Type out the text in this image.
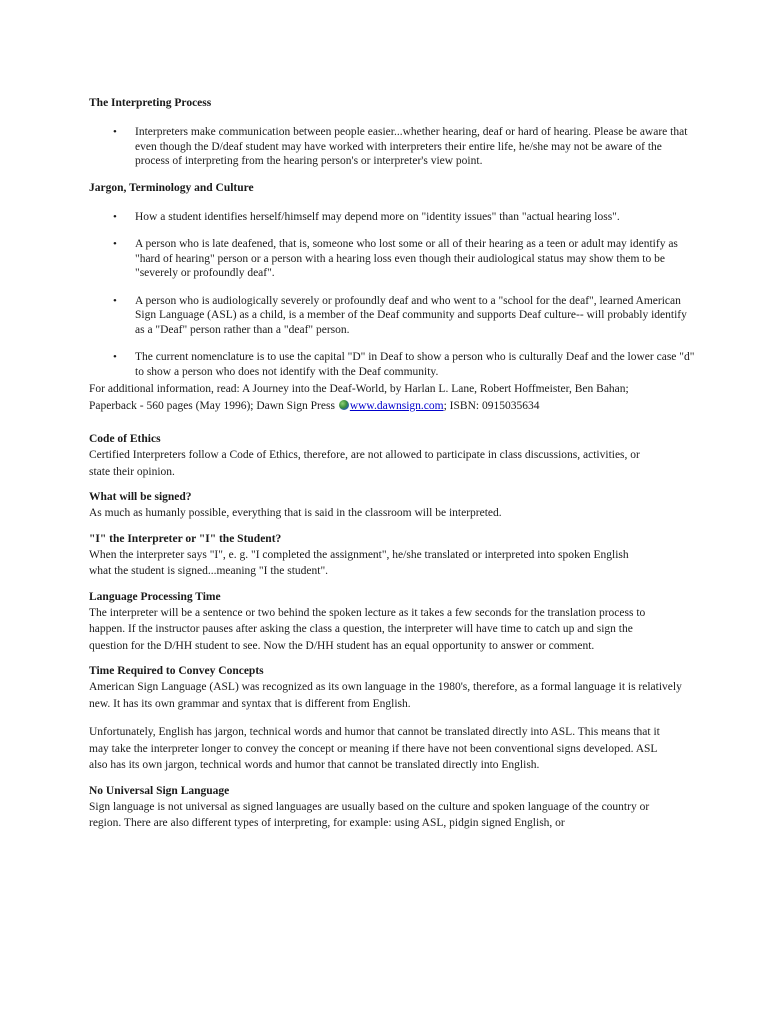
The Interpreting Process

• Interpreters make communication between people easier...whether hearing, deaf or hard of hearing. Please be aware that even though the D/deaf student may have worked with interpreters their entire life, he/she may not be aware of the process of interpreting from the hearing person's or interpreter's view point.

Jargon, Terminology and Culture

• How a student identifies herself/himself may depend more on "identity issues" than "actual hearing loss".
• A person who is late deafened, that is, someone who lost some or all of their hearing as a teen or adult may identify as "hard of hearing" person or a person with a hearing loss even though their audiological status may show them to be "severely or profoundly deaf".
• A person who is audiologically severely or profoundly deaf and who went to a "school for the deaf", learned American Sign Language (ASL) as a child, is a member of the Deaf community and supports Deaf culture-- will probably identify as a "Deaf" person rather than a "deaf" person.
• The current nomenclature is to use the capital "D" in Deaf to show a person who is culturally Deaf and the lower case "d" to show a person who does not identify with the Deaf community.

For additional information, read: A Journey into the Deaf-World, by Harlan L. Lane, Robert Hoffmeister, Ben Bahan; Paperback - 560 pages (May 1996); Dawn Sign Press www.dawnsign.com; ISBN: 0915035634

Code of Ethics

Certified Interpreters follow a Code of Ethics, therefore, are not allowed to participate in class discussions, activities, or state their opinion.

What will be signed?

As much as humanly possible, everything that is said in the classroom will be interpreted.

"I" the Interpreter or "I" the Student?

When the interpreter says "I", e. g. "I completed the assignment", he/she translated or interpreted into spoken English what the student is signed...meaning "I the student".

Language Processing Time

The interpreter will be a sentence or two behind the spoken lecture as it takes a few seconds for the translation process to happen. If the instructor pauses after asking the class a question, the interpreter will have time to catch up and sign the question for the D/HH student to see. Now the D/HH student has an equal opportunity to answer or comment.

Time Required to Convey Concepts

American Sign Language (ASL) was recognized as its own language in the 1980's, therefore, as a formal language it is relatively new. It has its own grammar and syntax that is different from English.

Unfortunately, English has jargon, technical words and humor that cannot be translated directly into ASL. This means that it may take the interpreter longer to convey the concept or meaning if there have not been conventional signs developed. ASL also has its own jargon, technical words and humor that cannot be translated directly into English.

No Universal Sign Language

Sign language is not universal as signed languages are usually based on the culture and spoken language of the country or region. There are also different types of interpreting, for example: using ASL, pidgin signed English, or
